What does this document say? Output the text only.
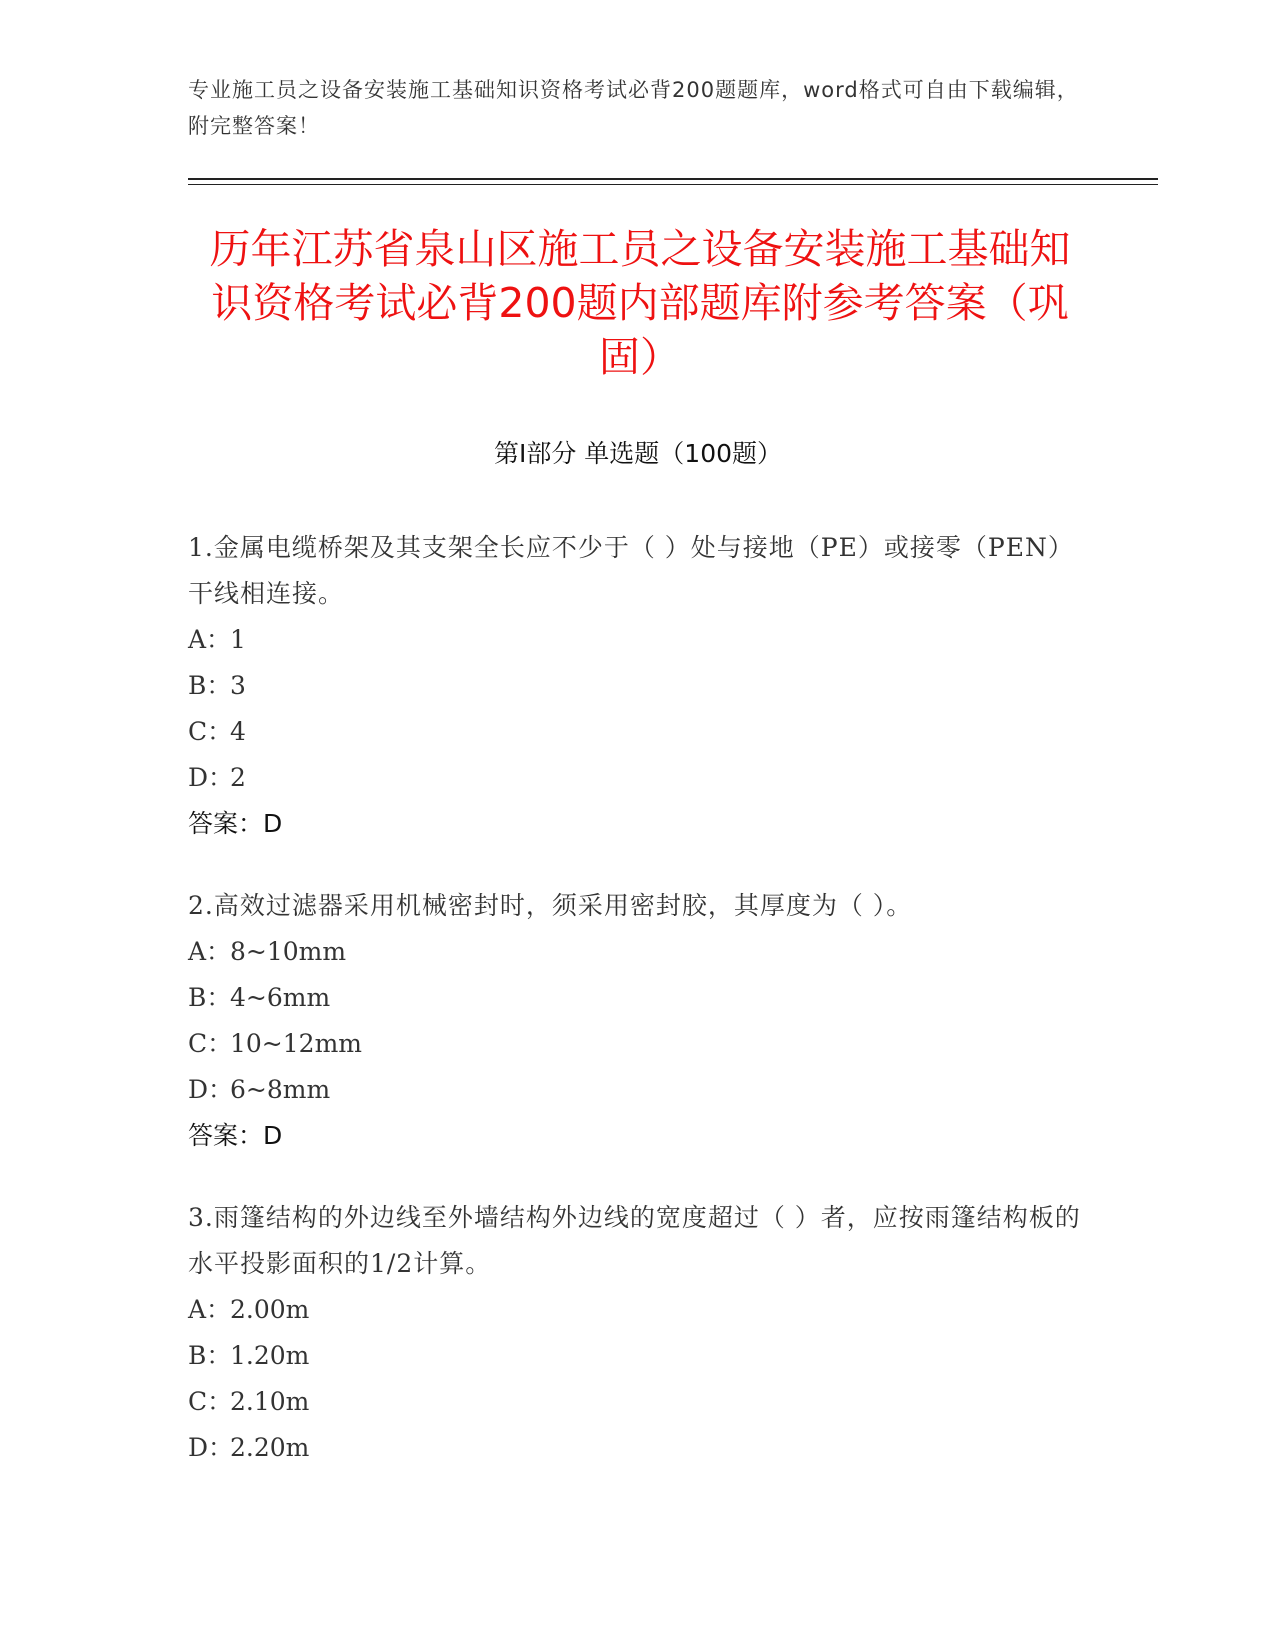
专业施工员之设备安装施工基础知识资格考试必背200题题库，word格式可自由下载编辑，附完整答案！
历年江苏省泉山区施工员之设备安装施工基础知识资格考试必背200题内部题库附参考答案（巩固）
第Ⅰ部分 单选题（100题）
1.金属电缆桥架及其支架全长应不少于（ ）处与接地（PE）或接零（PEN）干线相连接。
A：1
B：3
C：4
D：2
答案：D
2.高效过滤器采用机械密封时，须采用密封胶，其厚度为（ ）。
A：8~10mm
B：4~6mm
C：10~12mm
D：6~8mm
答案：D
3.雨篷结构的外边线至外墙结构外边线的宽度超过（ ）者，应按雨篷结构板的水平投影面积的1/2计算。
A：2.00m
B：1.20m
C：2.10m
D：2.20m
